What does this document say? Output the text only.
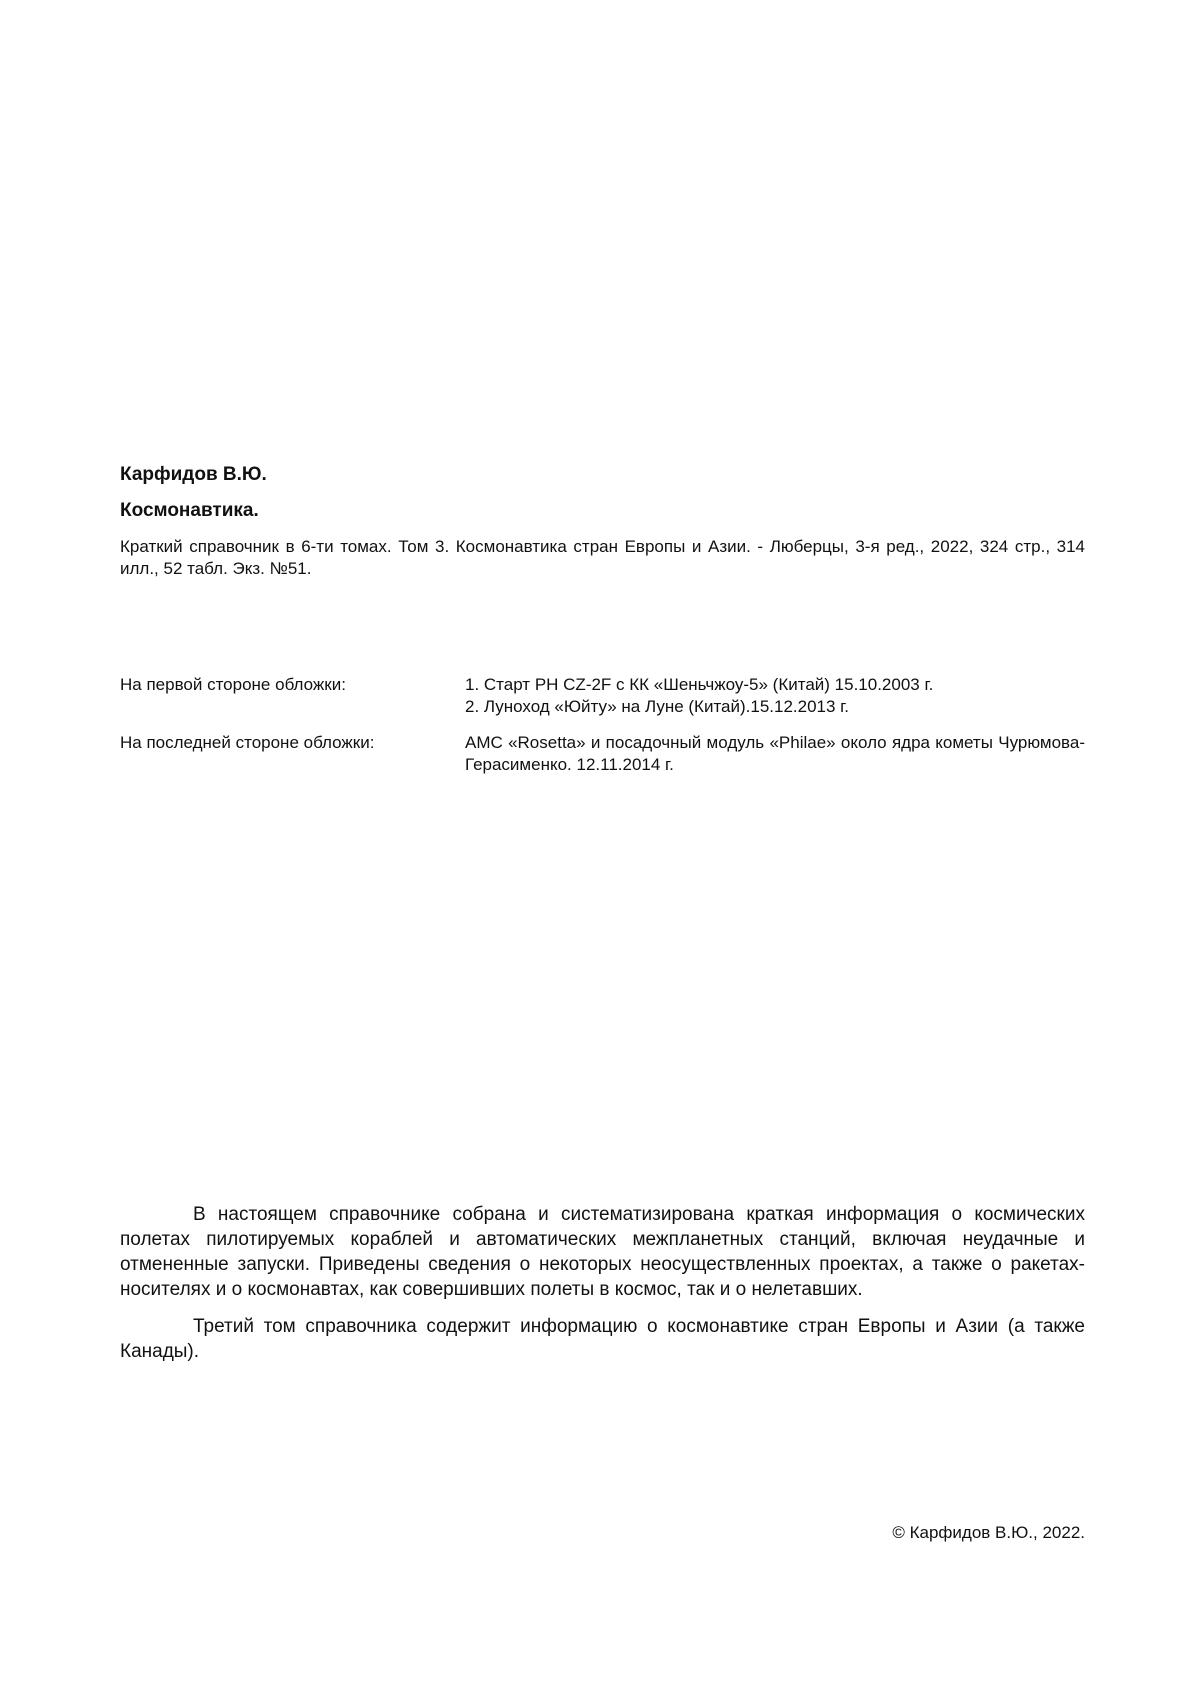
Карфидов В.Ю.
Космонавтика.
Краткий справочник в 6-ти томах. Том 3. Космонавтика стран Европы и Азии. - Люберцы, 3-я ред., 2022, 324 стр., 314 илл., 52 табл. Экз. №51.
На первой стороне обложки:	1. Старт РН CZ-2F с КК «Шеньчжоу-5» (Китай) 15.10.2003 г.
2. Луноход «Юйту» на Луне (Китай).15.12.2013 г.
На последней стороне обложки:	АМС «Rosetta» и посадочный модуль «Philae» около ядра кометы Чурюмова-Герасименко. 12.11.2014 г.

В настоящем справочнике собрана и систематизирована краткая информация о космических полетах пилотируемых кораблей и автоматических межпланетных станций, включая неудачные и отмененные запуски. Приведены сведения о некоторых неосуществленных проектах, а также о ракетах-носителях и о космонавтах, как совершивших полеты в космос, так и о нелетавших.

Третий том справочника содержит информацию о космонавтике стран Европы и Азии (а также Канады).

© Карфидов В.Ю., 2022.
